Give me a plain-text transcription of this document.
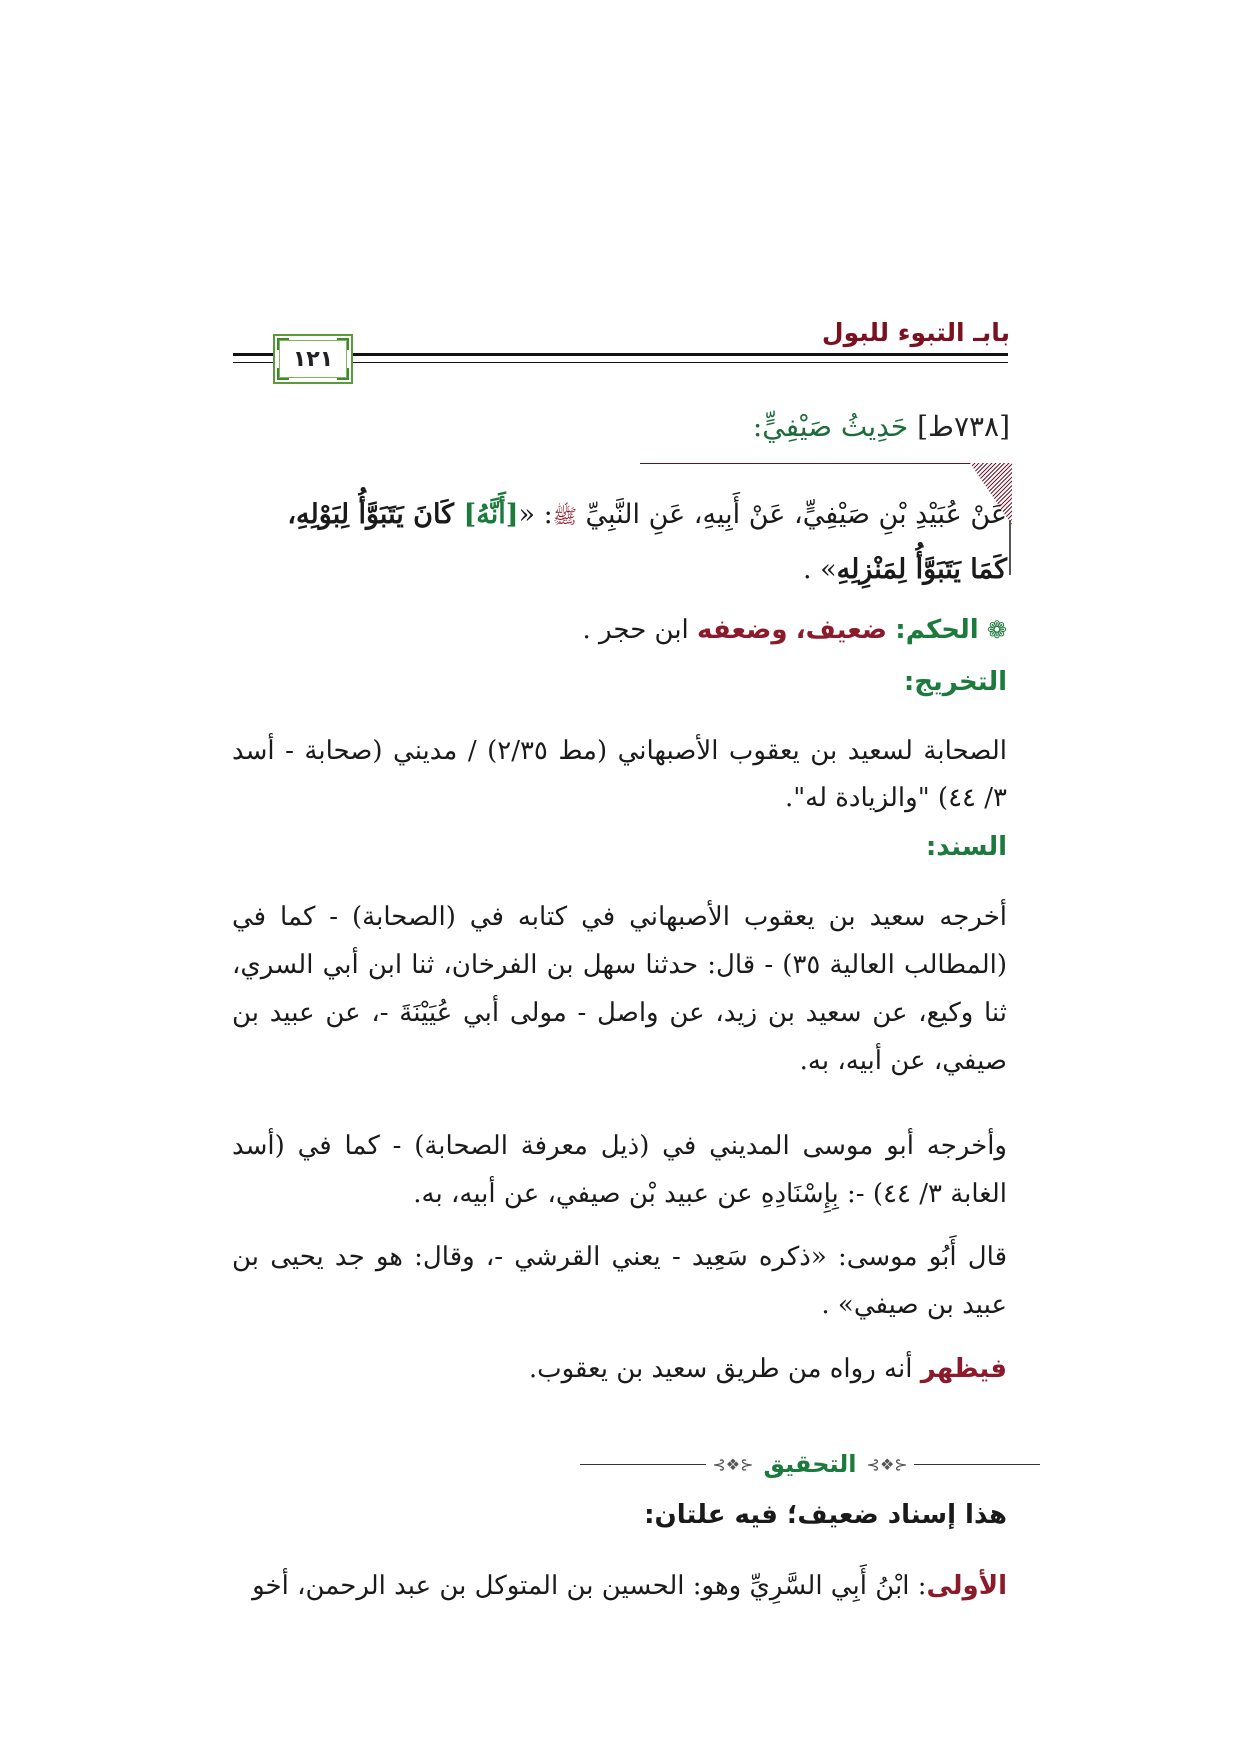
بابـ التبوء للبول
١٢١
[٧٣٨ط] حَدِيثُ صَيْفِيٍّ:
عَنْ عُبَيْدِ بْنِ صَيْفِيٍّ، عَنْ أَبِيهِ، عَنِ النَّبِيِّ ﷺ: «[أَنَّهُ] كَانَ يَتَبَوَّأُ لِبَوْلِهِ،
كَمَا يَتَبَوَّأُ لِمَنْزِلِهِ» .
❁ الحكم: ضعيف، وضعفه ابن حجر .
التخريج:
الصحابة لسعيد بن يعقوب الأصبهاني (مط ٢/٣٥) / مديني (صحابة - أسد ٣/ ٤٤) "والزيادة له".
السند:
أخرجه سعيد بن يعقوب الأصبهاني في كتابه في (الصحابة) - كما في (المطالب العالية ٣٥) - قال: حدثنا سهل بن الفرخان، ثنا ابن أبي السري، ثنا وكيع، عن سعيد بن زيد، عن واصل - مولى أبي عُيَيْنَةَ -، عن عبيد بن صيفي، عن أبيه، به.
وأخرجه أبو موسى المديني في (ذيل معرفة الصحابة) - كما في (أسد الغابة ٣/ ٤٤) -: بِإِسْنَادِهِ عن عبيد بْن صيفي، عن أبيه، به.
قال أَبُو موسى: «ذكره سَعِيد - يعني القرشي -، وقال: هو جد يحيى بن عبيد بن صيفي» .
فيظهر أنه رواه من طريق سعيد بن يعقوب.
⊰❖⊱ التحقيق ⊰❖⊱
هذا إسناد ضعيف؛ فيه علتان:
الأولى: ابْنُ أَبِي السَّرِيِّ وهو: الحسين بن المتوكل بن عبد الرحمن، أخو
